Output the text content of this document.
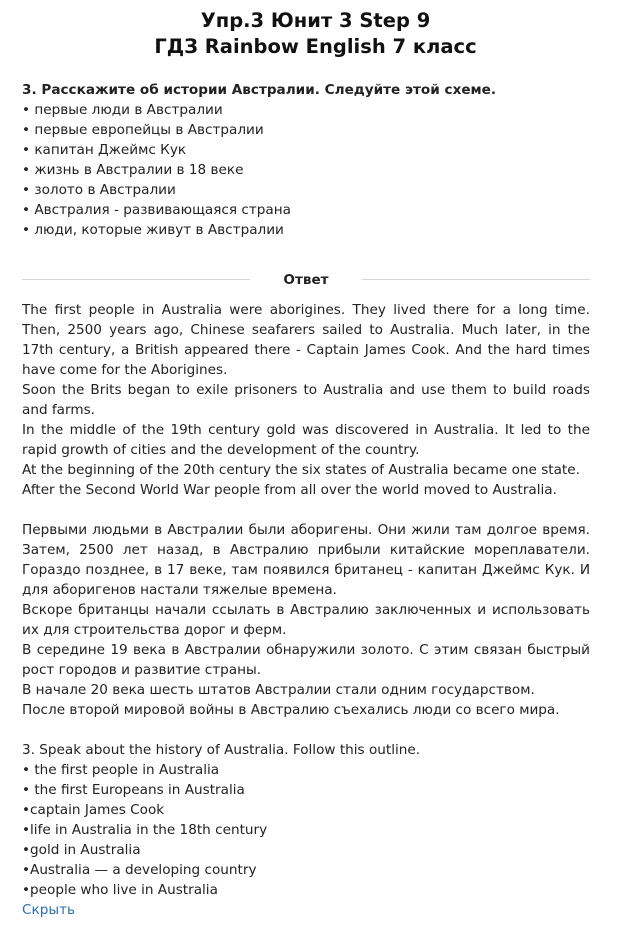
Упр.3 Юнит 3 Step 9
ГДЗ Rainbow English 7 класс
3. Расскажите об истории Австралии. Следуйте этой схеме.
• первые люди в Австралии
• первые европейцы в Австралии
• капитан Джеймс Кук
• жизнь в Австралии в 18 веке
• золото в Австралии
• Австралия - развивающаяся страна
• люди, которые живут в Австралии
Ответ

The first people in Australia were aborigines. They lived there for a long time. Then, 2500 years ago, Chinese seafarers sailed to Australia. Much later, in the 17th century, a British appeared there - Captain James Cook. And the hard times have come for the Aborigines.

Soon the Brits began to exile prisoners to Australia and use them to build roads and farms.

In the middle of the 19th century gold was discovered in Australia. It led to the rapid growth of cities and the development of the country.

At the beginning of the 20th century the six states of Australia became one state.

After the Second World War people from all over the world moved to Australia.

Первыми людьми в Австралии были аборигены. Они жили там долгое время. Затем, 2500 лет назад, в Австралию прибыли китайские мореплаватели. Гораздо позднее, в 17 веке, там появился британец - капитан Джеймс Кук. И для аборигенов настали тяжелые времена.

Вскоре британцы начали ссылать в Австралию заключенных и использовать их для строительства дорог и ферм.

В середине 19 века в Австралии обнаружили золото. С этим связан быстрый рост городов и развитие страны.

В начале 20 века шесть штатов Австралии стали одним государством.

После второй мировой войны в Австралию съехались люди со всего мира.

3. Speak about the history of Australia. Follow this outline.

• the first people in Australia

• the first Europeans in Australia

•captain James Cook

•life in Australia in the 18th century

•gold in Australia

•Australia — a developing country

•people who live in Australia

Скрыть
